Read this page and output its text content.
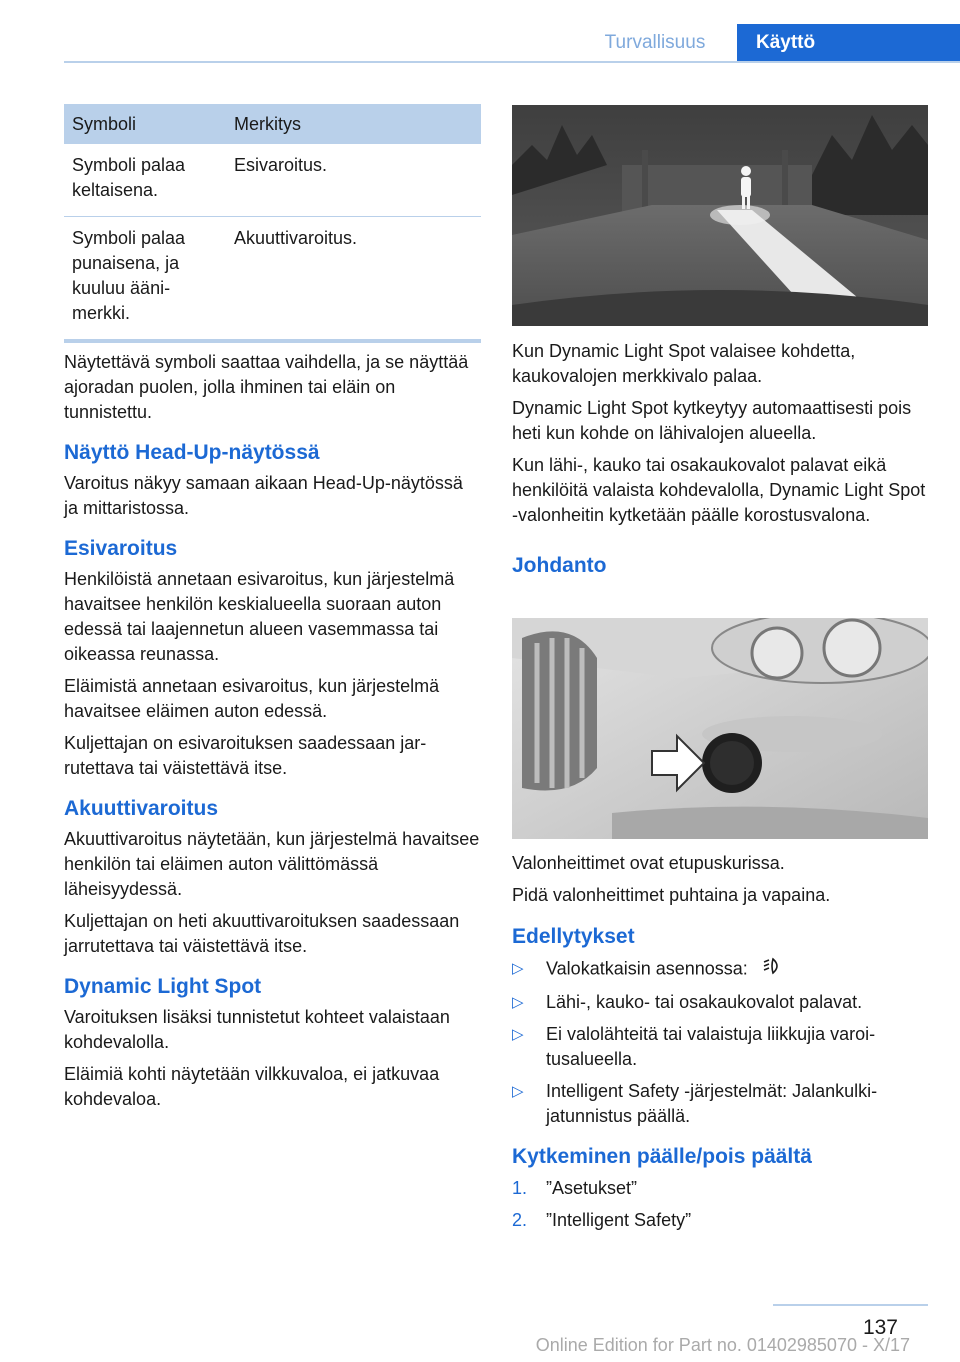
Turvallisuus	Käyttö
Symboli	Merkitys
Symboli palaa keltaisena.	Esivaroitus.
Symboli palaa punaisena, ja kuuluu äänimerkki.	Akuuttivaroitus.

Näytettävä symboli saattaa vaihdella, ja se näyttää ajoradan puolen, jolla ihminen tai eläin on tunnistettu.

Näyttö Head-Up-näytössä

Varoitus näkyy samaan aikaan Head-Up-näytössä ja mittaristossa.

Esivaroitus

Henkilöistä annetaan esivaroitus, kun järjestelmä havaitsee henkilön keskialueella suoraan auton edessä tai laajennetun alueen vasemmassa tai oikeassa reunassa.

Eläimistä annetaan esivaroitus, kun järjestelmä havaitsee eläimen auton edessä.

Kuljettajan on esivaroituksen saadessaan jarrutettava tai väistettävä itse.

Akuuttivaroitus

Akuuttivaroitus näytetään, kun järjestelmä havaitsee henkilön tai eläimen auton välittömässä läheisyydessä.

Kuljettajan on heti akuuttivaroituksen saadessaan jarrutettava tai väistettävä itse.

Dynamic Light Spot

Varoituksen lisäksi tunnistetut kohteet valaistaan kohdevalolla.

Eläimiä kohti näytetään vilkkuvaloa, ei jatkuvaa kohdevaloa.

Kun Dynamic Light Spot valaisee kohdetta, kaukovalojen merkkivalo palaa.

Dynamic Light Spot kytkeytyy automaattisesti pois heti kun kohde on lähivalojen alueella.

Kun lähi-, kauko tai osakaukovalot palavat eikä henkilöitä valaista kohdevalolla, Dynamic Light Spot -valonheitin kytketään päälle korostusvalona.

Johdanto

Valonheittimet ovat etupuskurissa.

Pidä valonheittimet puhtaina ja vapaina.

Edellytykset
▷ Valokatkaisin asennossa:
▷ Lähi-, kauko- tai osakaukovalot palavat.
▷ Ei valolähteitä tai valaistuja liikkujia varoitusalueella.
▷ Intelligent Safety -järjestelmät: Jalankulkijatunnistus päällä.
Kytkeminen päälle/pois päältä
1. ”Asetukset”
2. ”Intelligent Safety”
137
Online Edition for Part no. 01402985070 - X/17
